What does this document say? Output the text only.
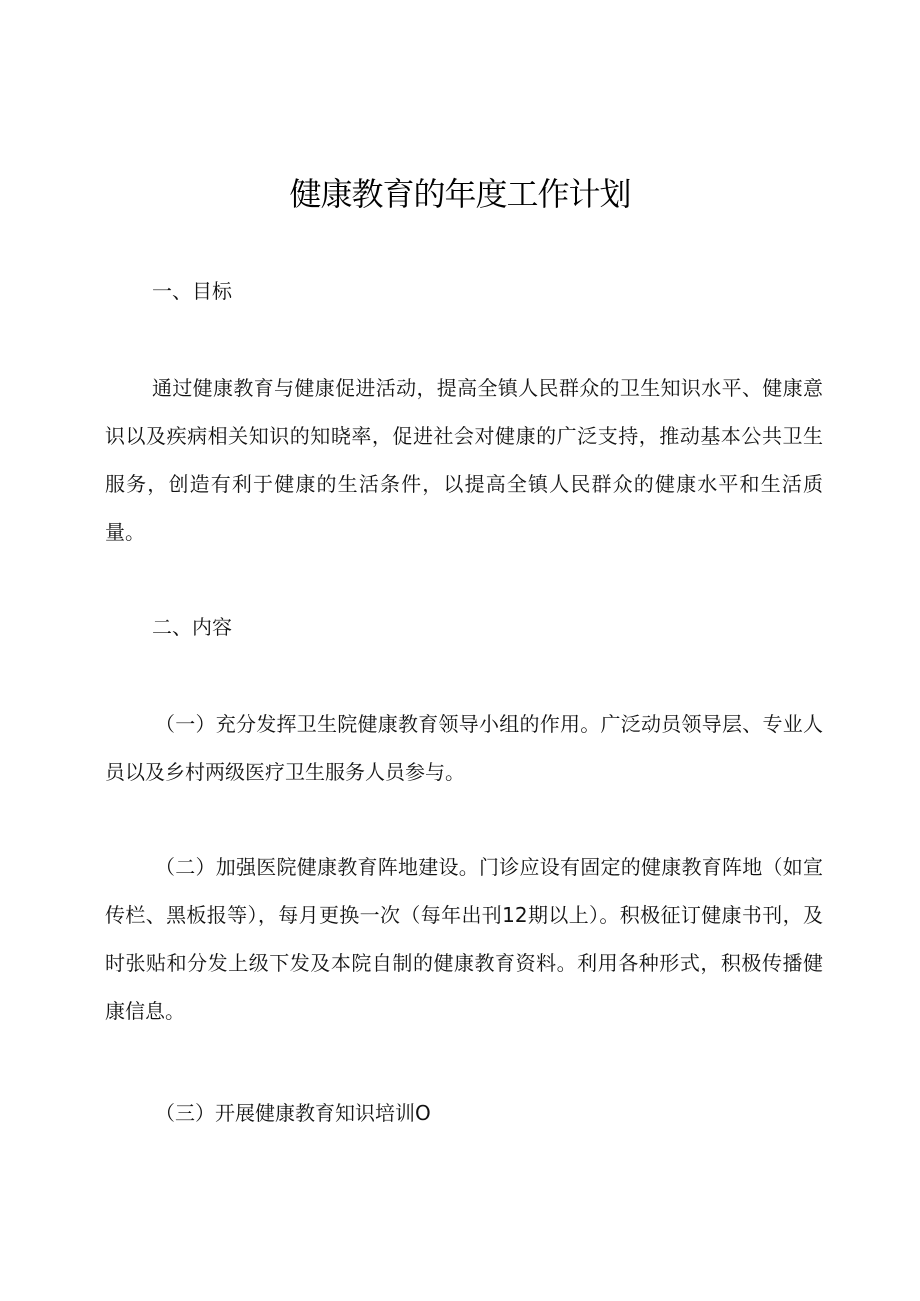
健康教育的年度工作计划
一、目标
通过健康教育与健康促进活动，提高全镇人民群众的卫生知识水平、健康意识以及疾病相关知识的知晓率，促进社会对健康的广泛支持，推动基本公共卫生服务，创造有利于健康的生活条件，以提高全镇人民群众的健康水平和生活质量。
二、内容
（一）充分发挥卫生院健康教育领导小组的作用。广泛动员领导层、专业人员以及乡村两级医疗卫生服务人员参与。
（二）加强医院健康教育阵地建设。门诊应设有固定的健康教育阵地（如宣传栏、黑板报等），每月更换一次（每年出刊12期以上）。积极征订健康书刊，及时张贴和分发上级下发及本院自制的健康教育资料。利用各种形式，积极传播健康信息。
（三）开展健康教育知识培训O
